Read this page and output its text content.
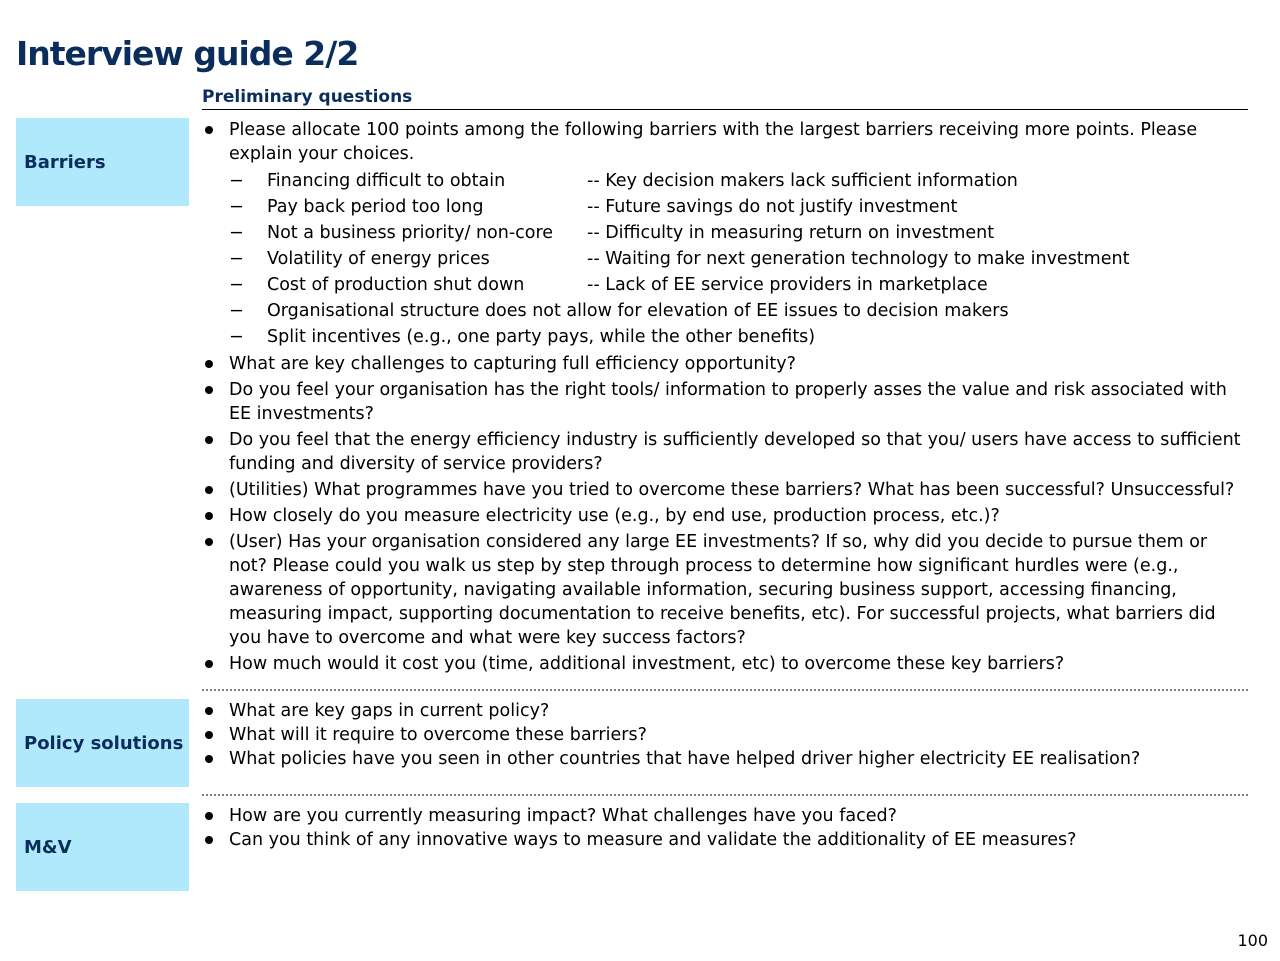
Interview guide 2/2
Preliminary questions
Barriers
Please allocate 100 points among the following barriers with the largest barriers receiving more points. Please explain your choices.
− Financing difficult to obtain	-- Key decision makers lack sufficient information
− Pay back period too long	-- Future savings do not justify investment
− Not a business priority/ non-core	-- Difficulty in measuring return on investment
− Volatility of energy prices	-- Waiting for next generation technology to make investment
− Cost of production shut down	-- Lack of EE service providers in marketplace
− Organisational structure does not allow for elevation of EE issues to decision makers
− Split incentives (e.g., one party pays, while the other benefits)
What are key challenges to capturing full efficiency opportunity?
Do you feel your organisation has the right tools/ information to properly asses the value and risk associated with EE investments?
Do you feel that the energy efficiency industry is sufficiently developed so that you/ users have access to sufficient funding and diversity of service providers?
(Utilities) What programmes have you tried to overcome these barriers? What has been successful? Unsuccessful?
How closely do you measure electricity use (e.g., by end use, production process, etc.)?
(User) Has your organisation considered any large EE investments? If so, why did you decide to pursue them or not? Please could you walk us step by step through process to determine how significant hurdles were (e.g., awareness of opportunity, navigating available information, securing business support, accessing financing, measuring impact, supporting documentation to receive benefits, etc). For successful projects, what barriers did you have to overcome and what were key success factors?
How much would it cost you (time, additional investment, etc) to overcome these key barriers?
Policy solutions
What are key gaps in current policy?
What will it require to overcome these barriers?
What policies have you seen in other countries that have helped driver higher electricity EE realisation?
M&V
How are you currently measuring impact? What challenges have you faced?
Can you think of any innovative ways to measure and validate the additionality of EE measures?
100
